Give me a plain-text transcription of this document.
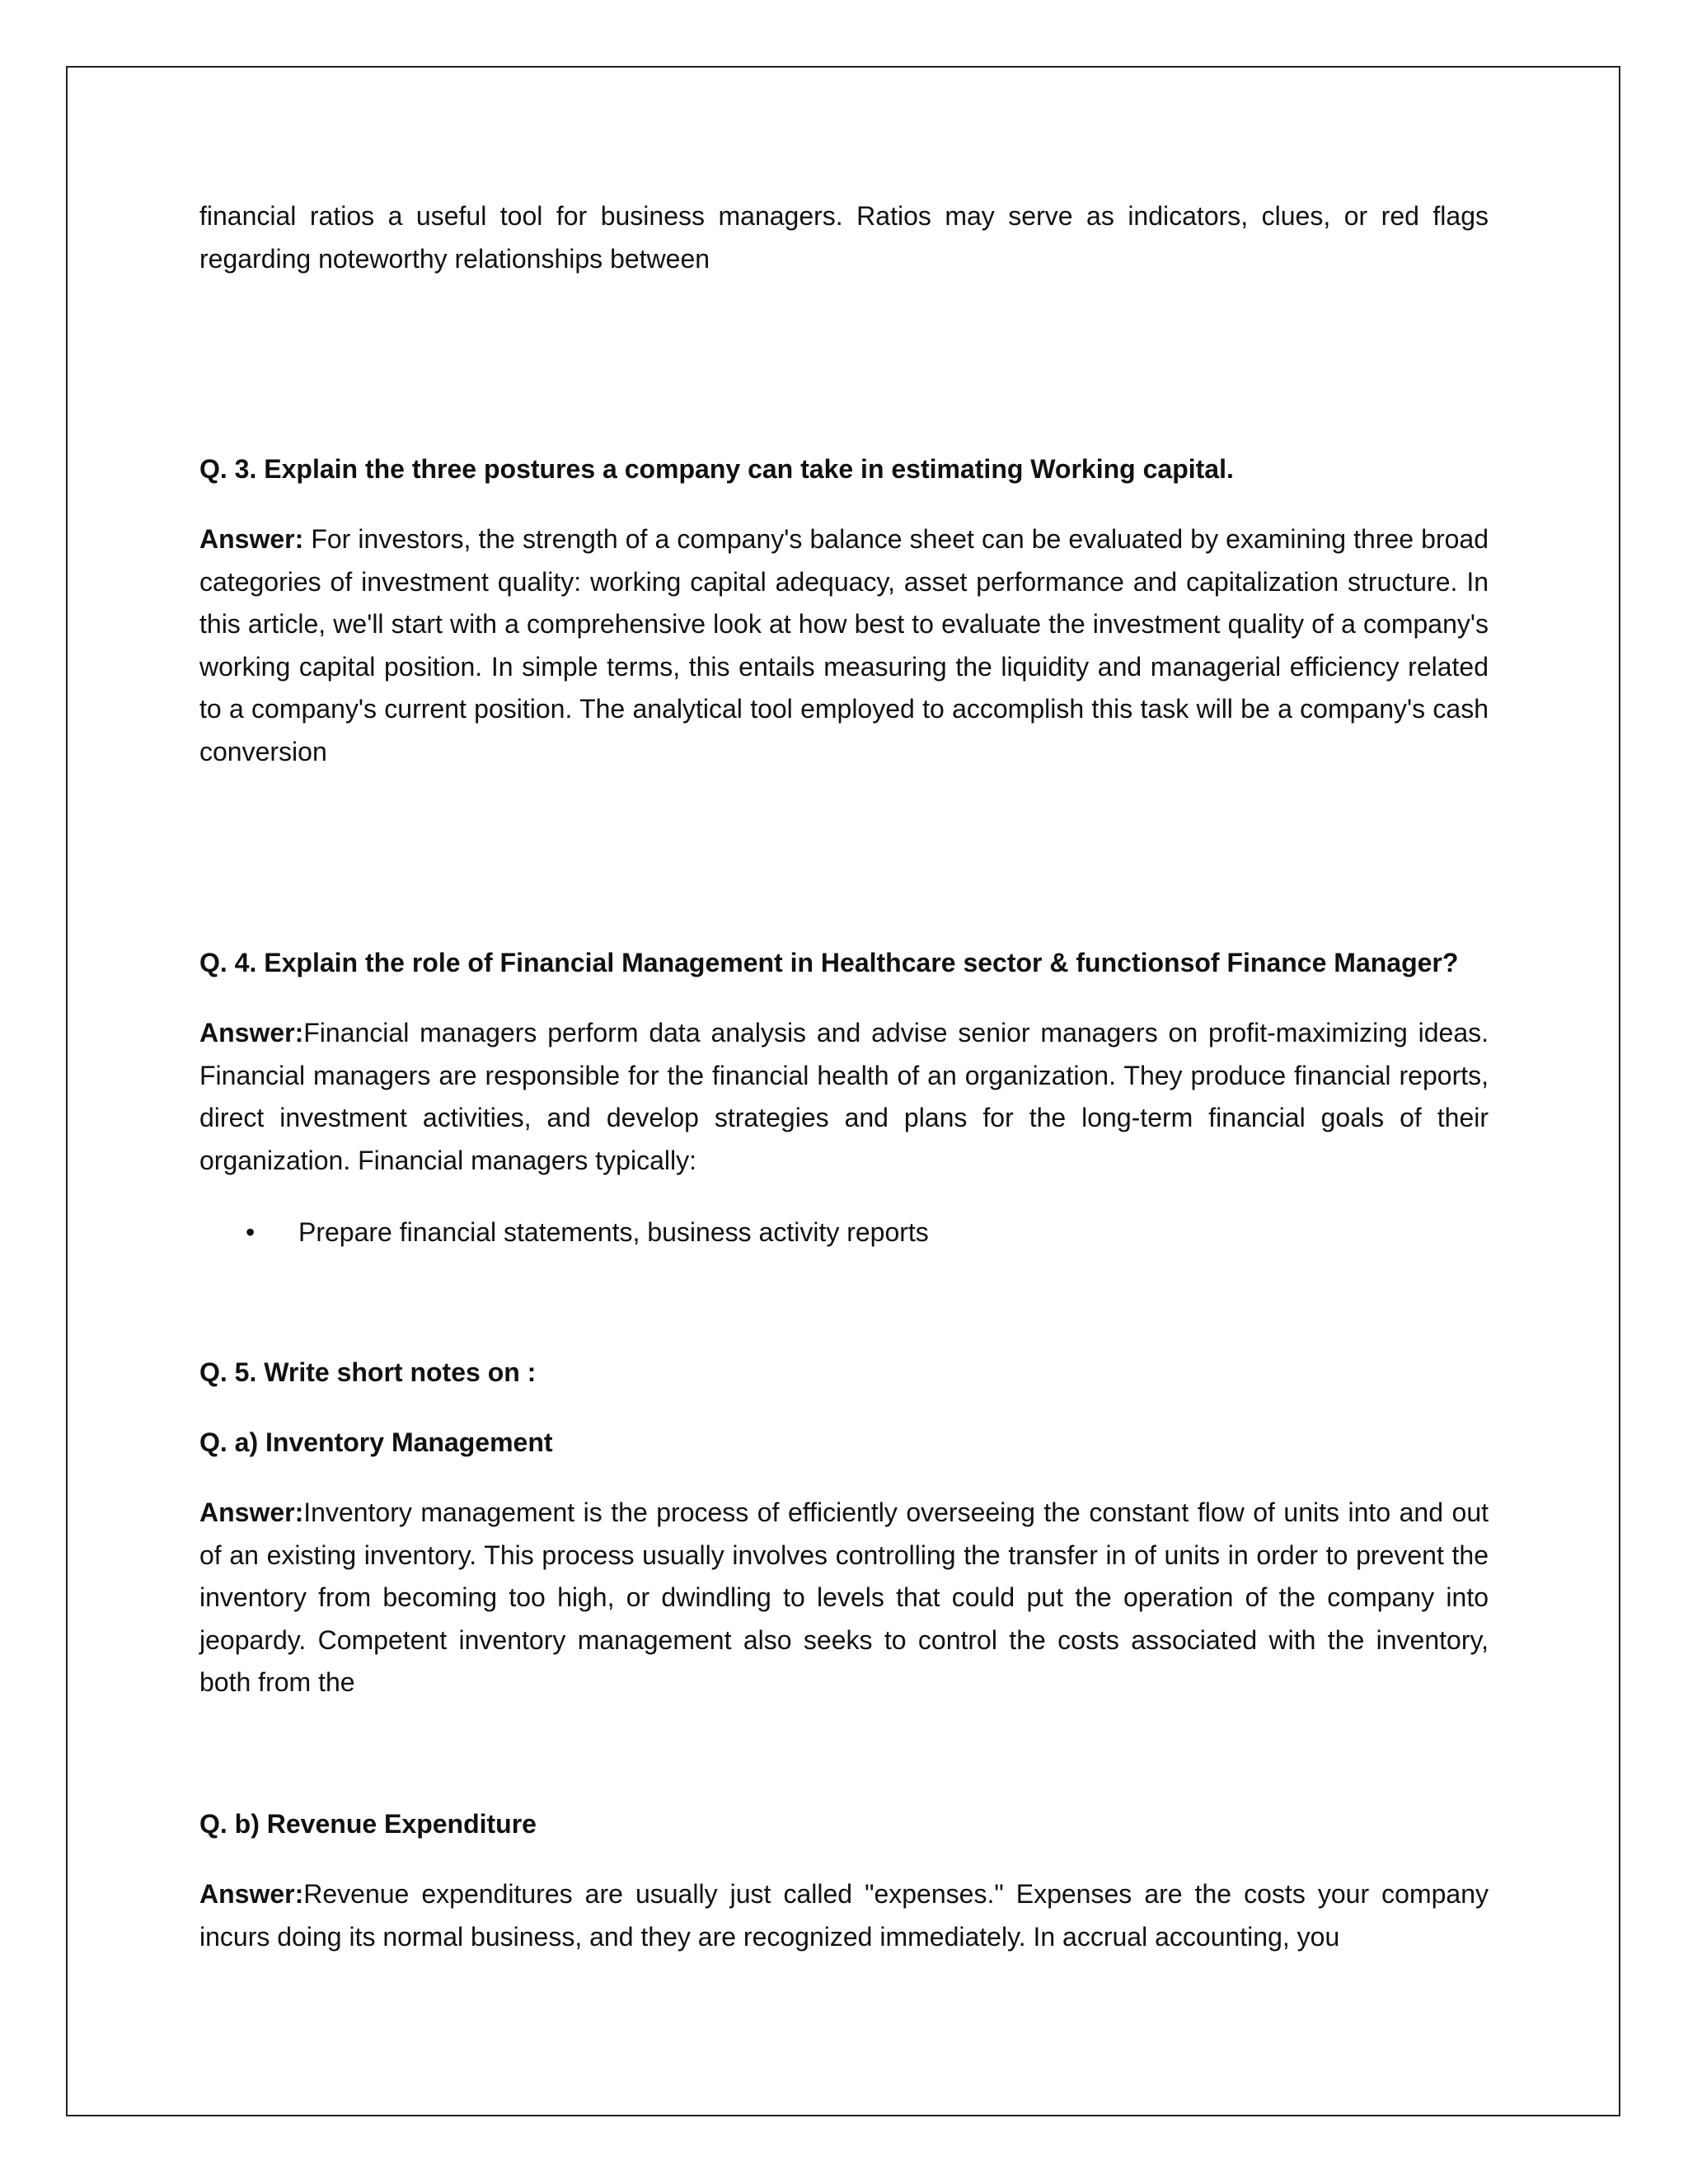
financial ratios a useful tool for business managers. Ratios may serve as indicators, clues, or red flags regarding noteworthy relationships between

Q. 3. Explain the three postures a company can take in estimating Working capital.

Answer: For investors, the strength of a company's balance sheet can be evaluated by examining three broad categories of investment quality: working capital adequacy, asset performance and capitalization structure. In this article, we'll start with a comprehensive look at how best to evaluate the investment quality of a company's working capital position. In simple terms, this entails measuring the liquidity and managerial efficiency related to a company's current position. The analytical tool employed to accomplish this task will be a company's cash conversion

Q. 4. Explain the role of Financial Management in Healthcare sector & functionsof Finance Manager?

Answer:Financial managers perform data analysis and advise senior managers on profit-maximizing ideas. Financial managers are responsible for the financial health of an organization. They produce financial reports, direct investment activities, and develop strategies and plans for the long-term financial goals of their organization. Financial managers typically:

• Prepare financial statements, business activity reports

Q. 5. Write short notes on :

Q. a) Inventory Management

Answer:Inventory management is the process of efficiently overseeing the constant flow of units into and out of an existing inventory. This process usually involves controlling the transfer in of units in order to prevent the inventory from becoming too high, or dwindling to levels that could put the operation of the company into jeopardy. Competent inventory management also seeks to control the costs associated with the inventory, both from the

Q. b) Revenue Expenditure

Answer:Revenue expenditures are usually just called "expenses." Expenses are the costs your company incurs doing its normal business, and they are recognized immediately. In accrual accounting, you
